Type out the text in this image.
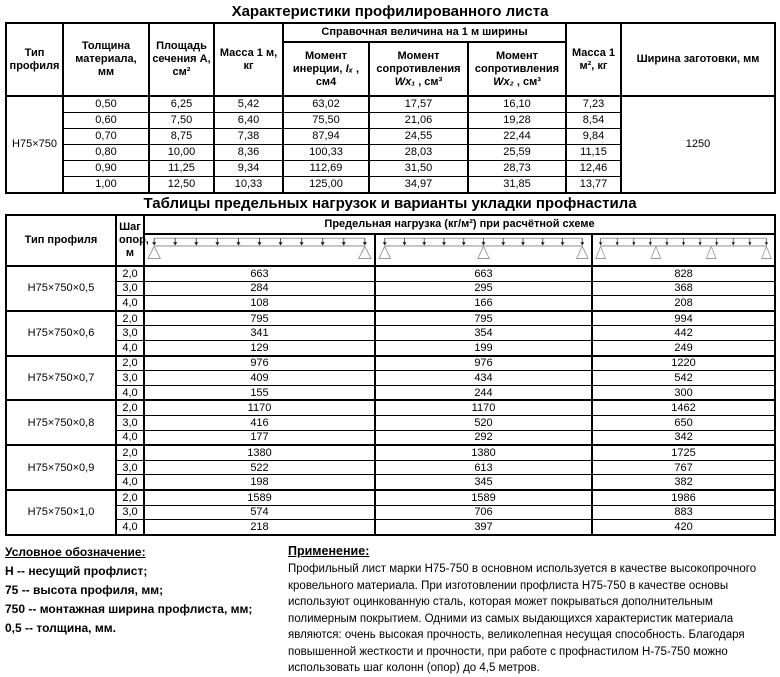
Характеристики профилированного листа
Тип профиля	Толщина материала, мм	Площадь сечения А, см²	Масса 1 м, кг	Справочная величина на 1 м ширины			Масса 1 м², кг	Ширина заготовки, мм
				Момент инерции, Iₓ , см4	Момент сопротивления Wx₁ , см³	Момент сопротивления Wx₂ , см³		
Н75×750	0,50	6,25	5,42	63,02	17,57	16,10	7,23	1250
	0,60	7,50	6,40	75,50	21,06	19,28	8,54	
	0,70	8,75	7,38	87,94	24,55	22,44	9,84	
	0,80	10,00	8,36	100,33	28,03	25,59	11,15	
	0,90	11,25	9,34	112,69	31,50	28,73	12,46	
	1,00	12,50	10,33	125,00	34,97	31,85	13,77	
Таблицы предельных нагрузок и варианты укладки профнастила
Тип профиля	Шаг опор, м	Предельная нагрузка (кг/м²) при расчётной схеме		

Н75×750×0,5	2,0	663	663	828
	3,0	284	295	368
	4,0	108	166	208
Н75×750×0,6	2,0	795	795	994
	3,0	341	354	442
	4,0	129	199	249
Н75×750×0,7	2,0	976	976	1220
	3,0	409	434	542
	4,0	155	244	300
Н75×750×0,8	2,0	1170	1170	1462
	3,0	416	520	650
	4,0	177	292	342
Н75×750×0,9	2,0	1380	1380	1725
	3,0	522	613	767
	4,0	198	345	382
Н75×750×1,0	2,0	1589	1589	1986
	3,0	574	706	883
	4,0	218	397	420
Условное обозначение:
Н -- несущий профлист;
75 -- высота профиля, мм;
750 -- монтажная ширина профлиста, мм;
0,5 -- толщина, мм.
Применение:
Профильный лист марки Н75-750 в основном используется в качестве высокопрочного кровельного материала. При изготовлении профлиста Н75-750 в качестве основы используют оцинкованную сталь, которая может покрываться дополнительным полимерным покрытием. Одними из самых выдающихся характеристик материала являются: очень высокая прочность, великолепная несущая способность. Благодаря повышенной жесткости и прочности, при работе с профнастилом Н-75-750 можно использовать шаг колонн (опор) до 4,5 метров.
